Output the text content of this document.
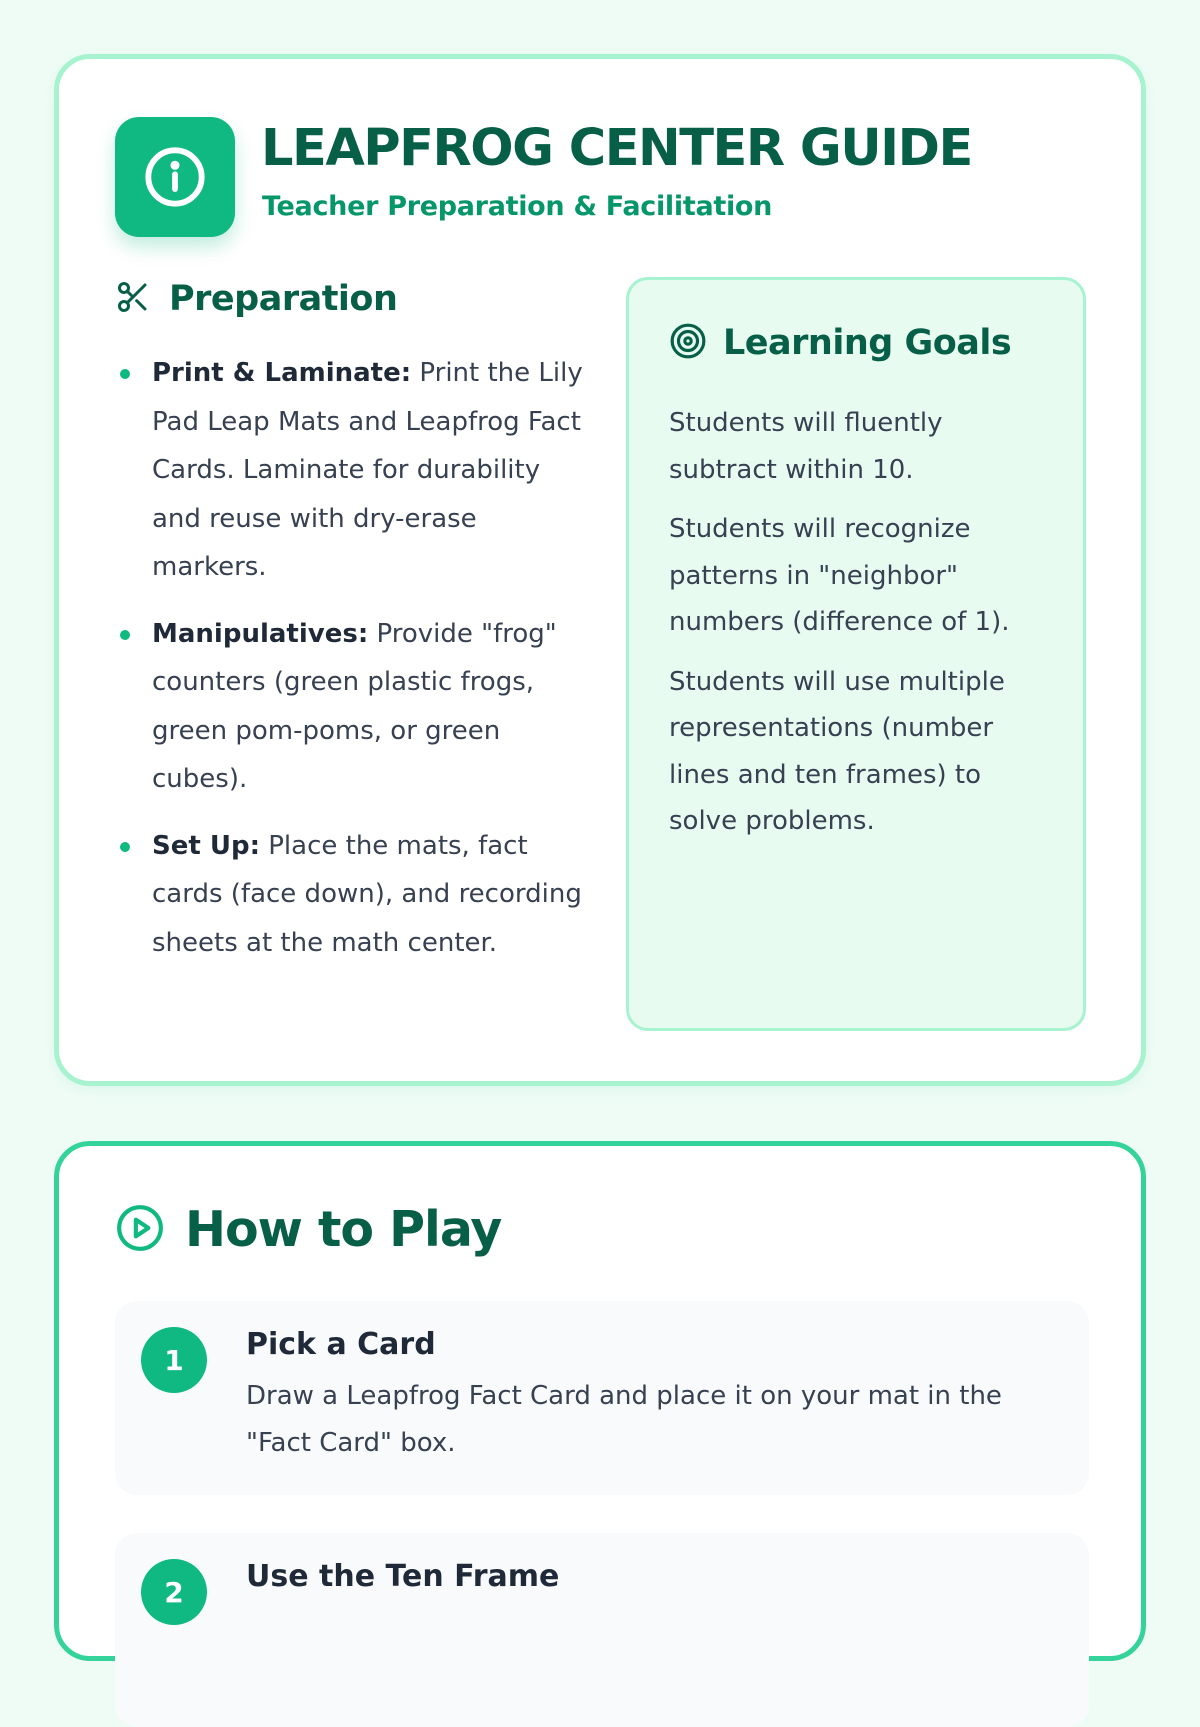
LEAPFROG CENTER GUIDE
Teacher Preparation & Facilitation
Preparation
Print & Laminate: Print the Lily Pad Leap Mats and Leapfrog Fact Cards. Laminate for durability and reuse with dry-erase markers.
Manipulatives: Provide "frog" counters (green plastic frogs, green pom-poms, or green cubes).
Set Up: Place the mats, fact cards (face down), and recording sheets at the math center.
Learning Goals

Students will fluently subtract within 10.

Students will recognize patterns in "neighbor" numbers (difference of 1).

Students will use multiple representations (number lines and ten frames) to solve problems.

How to Play
1	Pick a Card
Draw a Leapfrog Fact Card and place it on your mat in the "Fact Card" box.
2	Use the Ten Frame
